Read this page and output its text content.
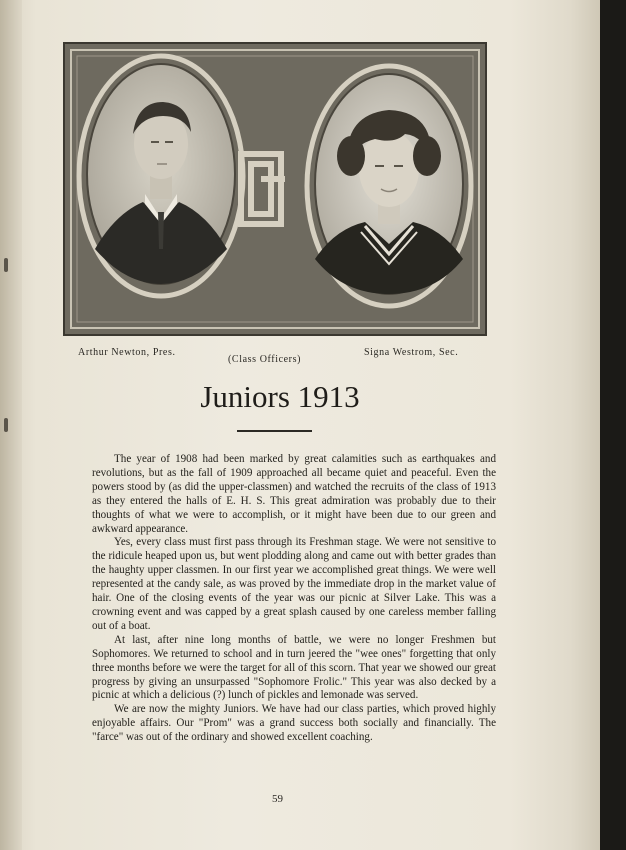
Arthur Newton, Pres.
(Class Officers)
Signa Westrom, Sec.
Juniors 1913

The year of 1908 had been marked by great calamities such as earthquakes and revolutions, but as the fall of 1909 approached all became quiet and peaceful. Even the powers stood by (as did the upper-classmen) and watched the recruits of the class of 1913 as they entered the halls of E. H. S. This great admiration was probably due to their thoughts of what we were to accomplish, or it might have been due to our green and awkward appearance.

Yes, every class must first pass through its Freshman stage. We were not sensitive to the ridicule heaped upon us, but went plodding along and came out with better grades than the haughty upper classmen. In our first year we accomplished great things. We were well represented at the candy sale, as was proved by the immediate drop in the market value of hair. One of the closing events of the year was our picnic at Silver Lake. This was a crowning event and was capped by a great splash caused by one careless member falling out of a boat.

At last, after nine long months of battle, we were no longer Freshmen but Sophomores. We returned to school and in turn jeered the "wee ones" forgetting that only three months before we were the target for all of this scorn. That year we showed our great progress by giving an unsurpassed "Sophomore Frolic." This year was also decked by a picnic at which a delicious (?) lunch of pickles and lemonade was served.

We are now the mighty Juniors. We have had our class parties, which proved highly enjoyable affairs. Our "Prom" was a grand success both socially and financially. The "farce" was out of the ordinary and showed excellent coaching.

59
